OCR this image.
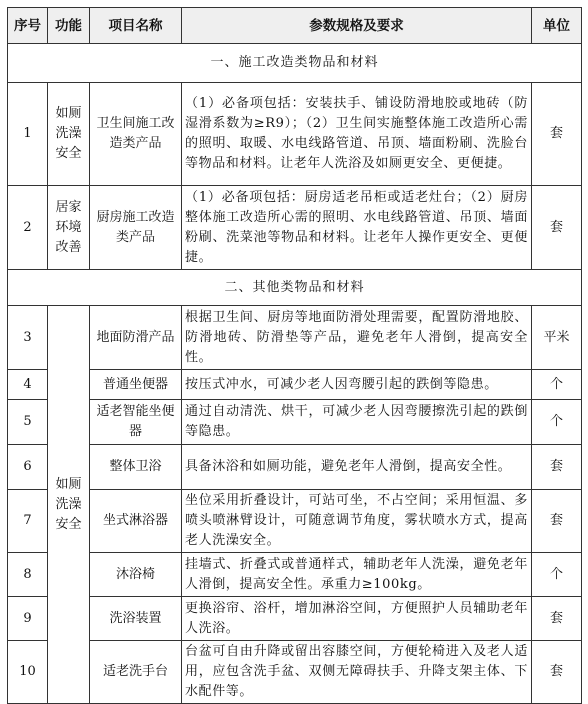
序号	功能	项目名称	参数规格及要求	单位
一、施工改造类物品和材料				
1	如厕洗澡安全	卫生间施工改造类产品	（1）必备项包括：安装扶手、铺设防滑地胶或地砖（防湿滑系数为≥R9）；（2）卫生间实施整体施工改造所心需的照明、取暖、水电线路管道、吊顶、墙面粉刷、洗脸台等物品和材料。让老年人洗浴及如厕更安全、更便捷。	套
2	居家环境改善	厨房施工改造类产品	（1）必备项包括：厨房适老吊柜或适老灶台；（2）厨房整体施工改造所心需的照明、水电线路管道、吊顶、墙面粉刷、洗菜池等物品和材料。让老年人操作更安全、更便捷。	套
二、其他类物品和材料				
3	如厕洗澡安全	地面防滑产品	根据卫生间、厨房等地面防滑处理需要，配置防滑地胶、防滑地砖、防滑垫等产品，避免老年人滑倒，提高安全性。	平米
4		普通坐便器	按压式冲水，可减少老人因弯腰引起的跌倒等隐患。	个
5		适老智能坐便器	通过自动清洗、烘干，可减少老人因弯腰擦洗引起的跌倒等隐患。	个
6		整体卫浴	具备沐浴和如厕功能，避免老年人滑倒，提高安全性。	套
7		坐式淋浴器	坐位采用折叠设计，可站可坐，不占空间；采用恒温、多喷头喷淋臂设计，可随意调节角度，雾状喷水方式，提高老人洗澡安全。	套
8		沐浴椅	挂墙式、折叠式或普通样式，辅助老年人洗澡，避免老年人滑倒，提高安全性。承重力≥100kg。	个
9		洗浴装置	更换浴帘、浴杆，增加淋浴空间，方便照护人员辅助老年人洗浴。	套
10		适老洗手台	台盆可自由升降或留出容膝空间，方便轮椅进入及老人适用，应包含洗手盆、双侧无障碍扶手、升降支架主体、下水配件等。	套
